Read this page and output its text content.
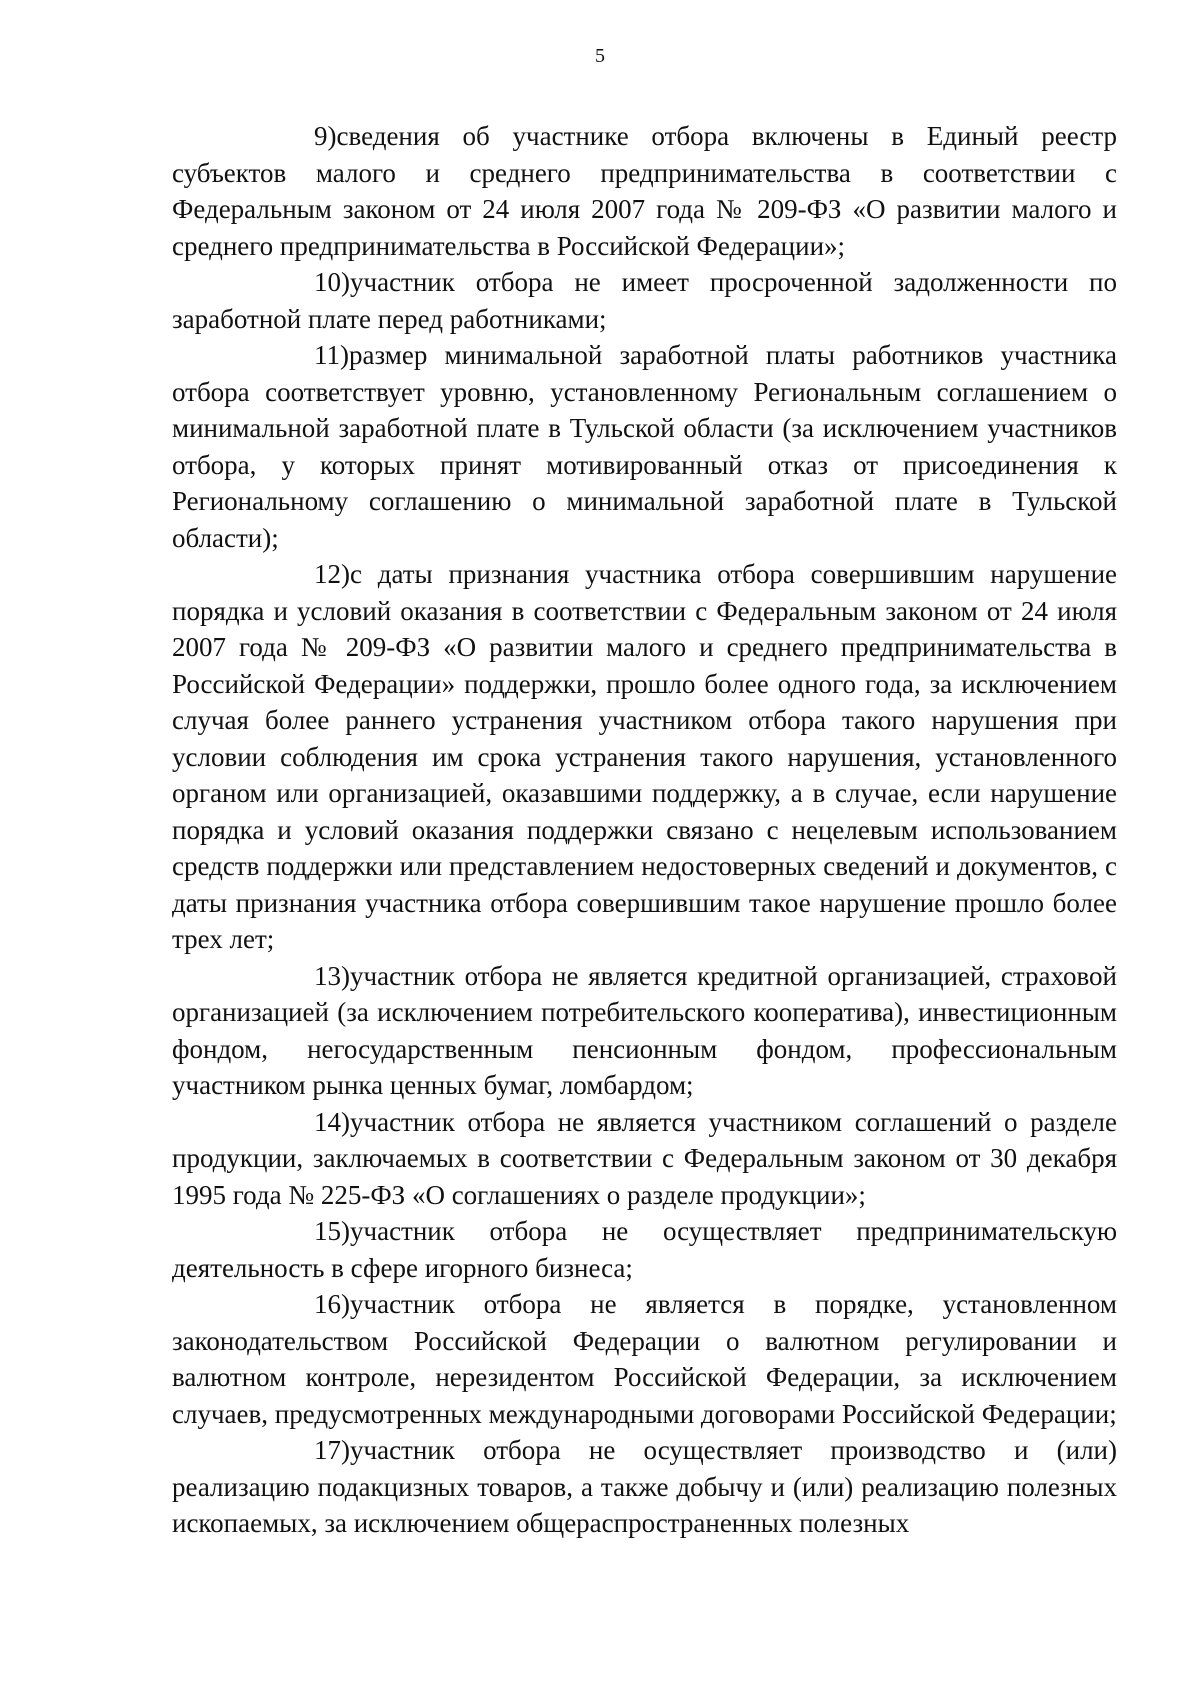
5

9)сведения об участнике отбора включены в Единый реестр субъектов малого и среднего предпринимательства в соответствии с Федеральным законом от 24 июля 2007 года № 209-ФЗ «О развитии малого и среднего предпринимательства в Российской Федерации»;

10)участник отбора не имеет просроченной задолженности по заработной плате перед работниками;

11)размер минимальной заработной платы работников участника отбора соответствует уровню, установленному Региональным соглашением о минимальной заработной плате в Тульской области (за исключением участников отбора, у которых принят мотивированный отказ от присоединения к Региональному соглашению о минимальной заработной плате в Тульской области);

12)с даты признания участника отбора совершившим нарушение порядка и условий оказания в соответствии с Федеральным законом от 24 июля 2007 года № 209-ФЗ «О развитии малого и среднего предпринимательства в Российской Федерации» поддержки, прошло более одного года, за исключением случая более раннего устранения участником отбора такого нарушения при условии соблюдения им срока устранения такого нарушения, установленного органом или организацией, оказавшими поддержку, а в случае, если нарушение порядка и условий оказания поддержки связано с нецелевым использованием средств поддержки или представлением недостоверных сведений и документов, с даты признания участника отбора совершившим такое нарушение прошло более трех лет;

13)участник отбора не является кредитной организацией, страховой организацией (за исключением потребительского кооператива), инвестиционным фондом, негосударственным пенсионным фондом, профессиональным участником рынка ценных бумаг, ломбардом;

14)участник отбора не является участником соглашений о разделе продукции, заключаемых в соответствии с Федеральным законом от 30 декабря 1995 года № 225-ФЗ «О соглашениях о разделе продукции»;

15)участник отбора не осуществляет предпринимательскую деятельность в сфере игорного бизнеса;

16)участник отбора не является в порядке, установленном законодательством Российской Федерации о валютном регулировании и валютном контроле, нерезидентом Российской Федерации, за исключением случаев, предусмотренных международными договорами Российской Федерации;

17)участник отбора не осуществляет производство и (или) реализацию подакцизных товаров, а также добычу и (или) реализацию полезных ископаемых, за исключением общераспространенных полезных
